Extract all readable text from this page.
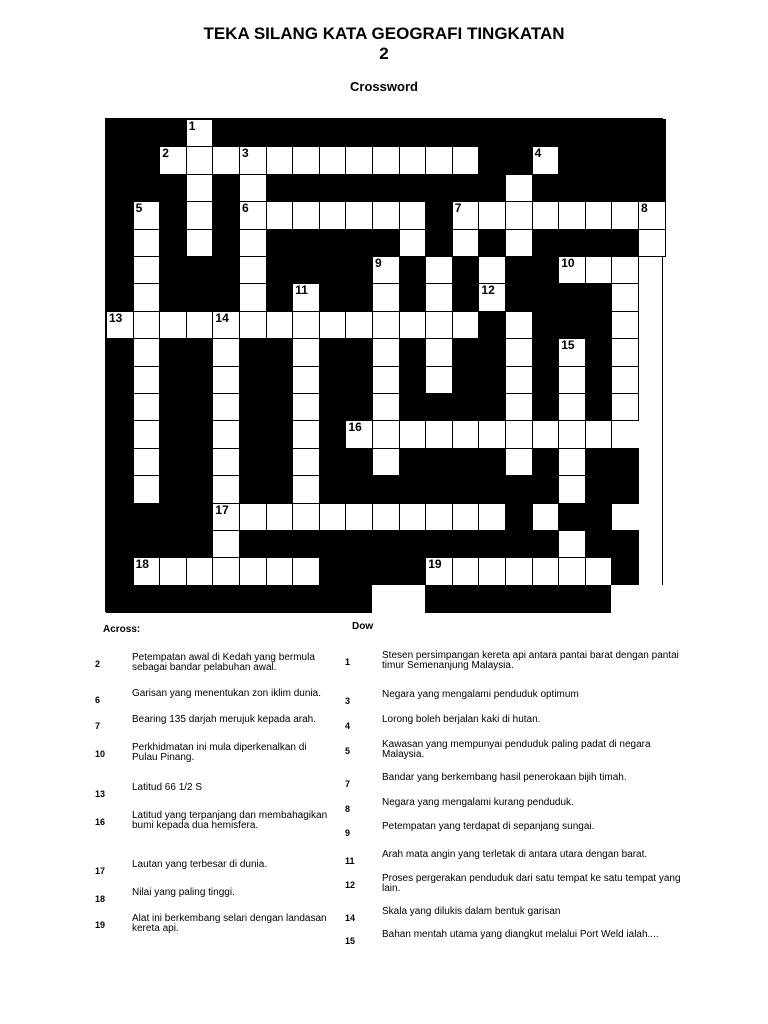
TEKA SILANG KATA GEOGRAFI TINGKATAN
2
Crossword
1
2	3	4
5	6	7	8
9	10
11	12
13	14
15
16
17
18	19
Across:	Dow
2
Petempatan awal di Kedah yang bermula sebagai bandar pelabuhan awal.
6
Garisan yang menentukan zon iklim dunia.
7
Bearing 135 darjah merujuk kepada arah.
10
Perkhidmatan ini mula diperkenalkan di Pulau Pinang.
13
Latitud 66 1/2 S
16
Latitud yang terpanjang dan membahagikan bumi kepada dua hemisfera.
17
Lautan yang terbesar di dunia.
18
Nilai yang paling tinggi.
19
Alat ini berkembang selari dengan landasan kereta api.
1
Stesen persimpangan kereta api antara pantai barat dengan pantai timur Semenanjung Malaysia.
3
Negara yang mengalami penduduk optimum
4
Lorong boleh berjalan kaki di hutan.
5
Kawasan yang mempunyai penduduk paling padat di negara Malaysia.
7
Bandar yang berkembang hasil penerokaan bijih timah.
8
Negara yang mengalami kurang penduduk.
9
Petempatan yang terdapat di sepanjang sungai.
11
Arah mata angin yang terletak di antara utara dengan barat.
12
Proses pergerakan penduduk dari satu tempat ke satu tempat yang lain.
14
Skala yang dilukis dalam bentuk garisan
15
Bahan mentah utama yang diangkut melalui Port Weld ialah....
